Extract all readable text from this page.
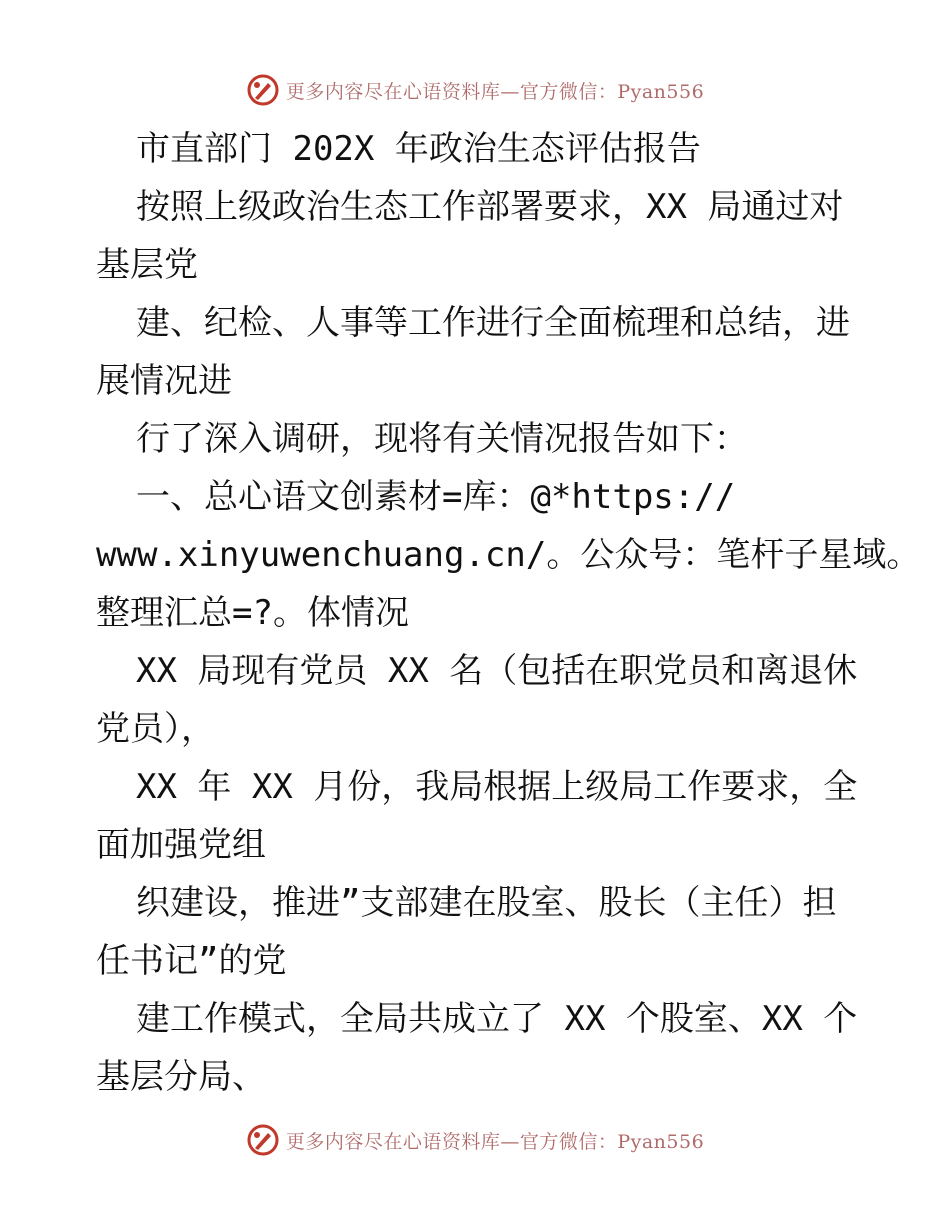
更多内容尽在心语资料库—官方微信：Pyan556
市直部门 202X 年政治生态评估报告
按照上级政治生态工作部署要求，XX 局通过对
基层党
建、纪检、人事等工作进行全面梳理和总结，进
展情况进
行了深入调研，现将有关情况报告如下：
一、总心语文创素材=库：@*https://
www.xinyuwenchuang.cn/。公众号：笔杆子星域。
整理汇总=?。体情况
XX 局现有党员 XX 名（包括在职党员和离退休
党员），
XX 年 XX 月份，我局根据上级局工作要求，全
面加强党组
织建设，推进”支部建在股室、股长（主任）担
任书记”的党
建工作模式，全局共成立了 XX 个股室、XX 个
基层分局、
更多内容尽在心语资料库—官方微信：Pyan556
